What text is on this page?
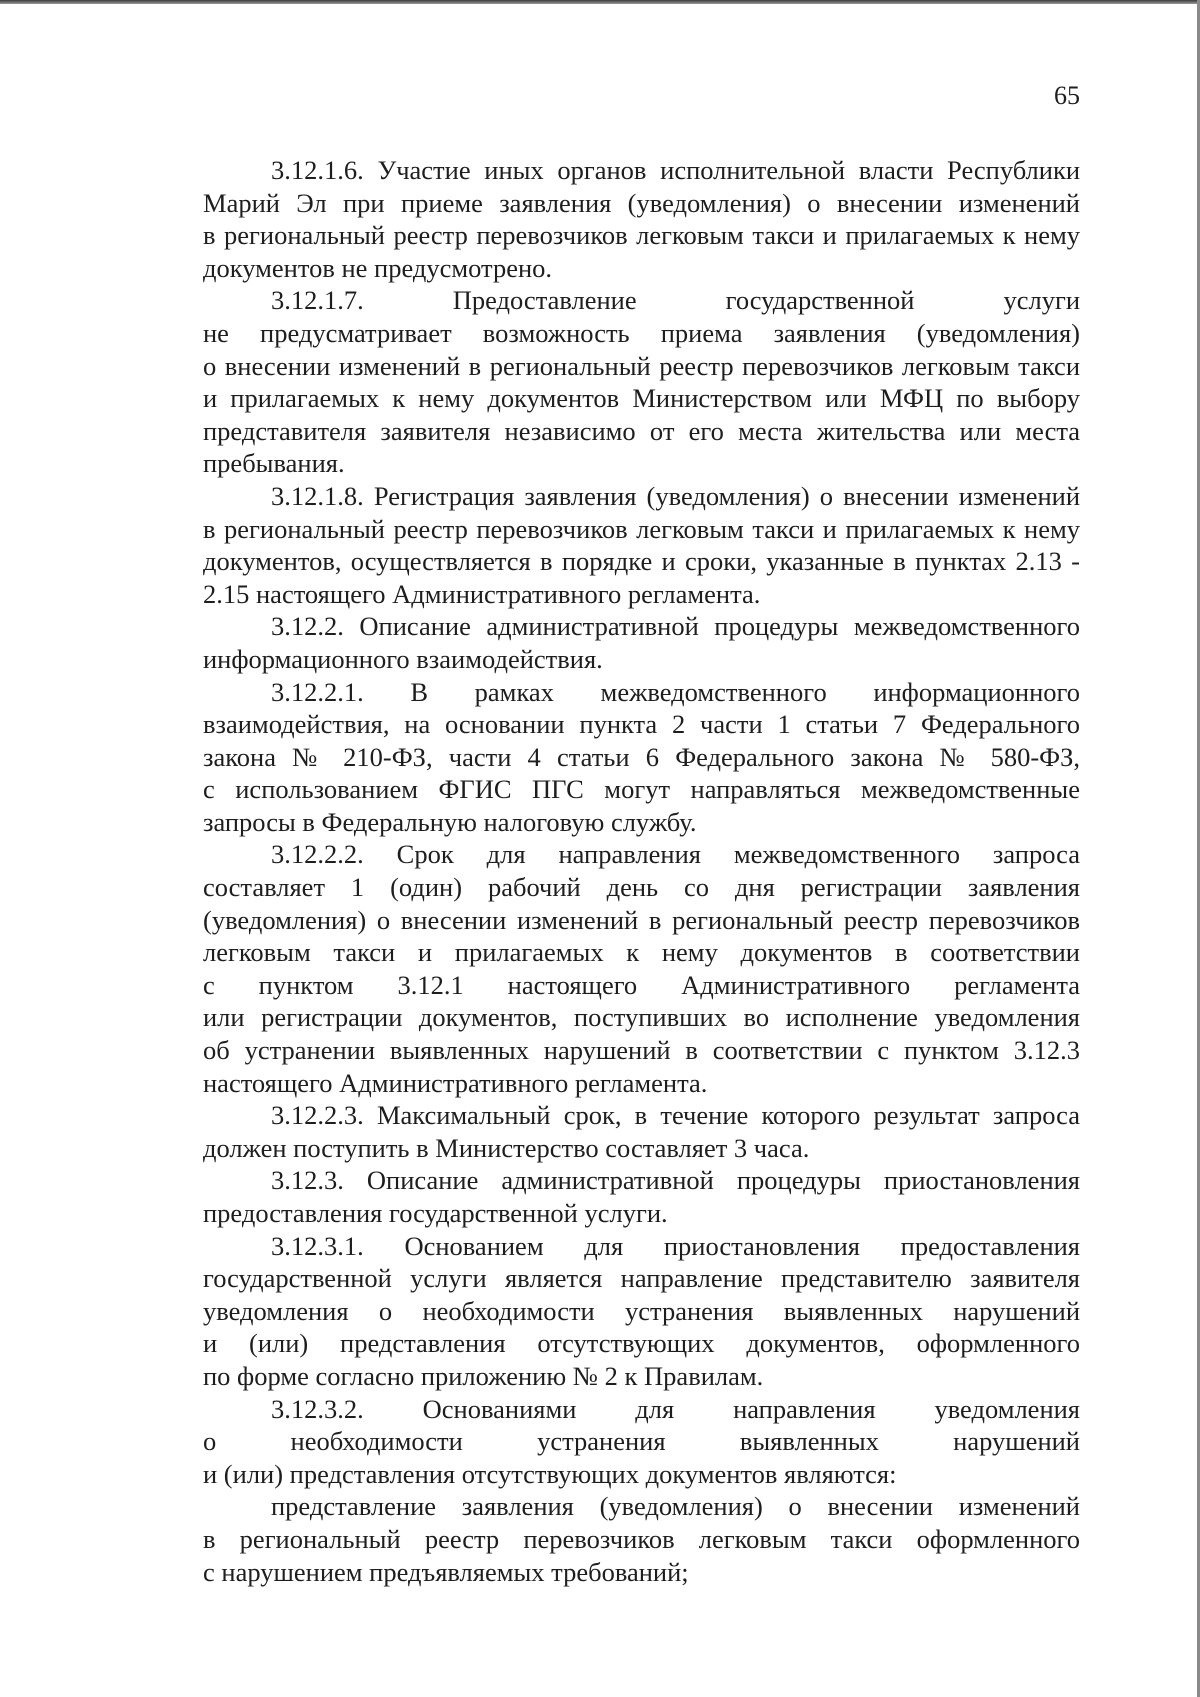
65
3.12.1.6. Участие иных органов исполнительной власти Республики
Марий Эл при приеме заявления (уведомления) о внесении изменений
в региональный реестр перевозчиков легковым такси и прилагаемых к нему
документов не предусмотрено.
3.12.1.7. Предоставление государственной услуги
не предусматривает возможность приема заявления (уведомления)
о внесении изменений в региональный реестр перевозчиков легковым такси
и прилагаемых к нему документов Министерством или МФЦ по выбору
представителя заявителя независимо от его места жительства или места
пребывания.
3.12.1.8. Регистрация заявления (уведомления) о внесении изменений
в региональный реестр перевозчиков легковым такси и прилагаемых к нему
документов, осуществляется в порядке и сроки, указанные в пунктах 2.13 -
2.15 настоящего Административного регламента.
3.12.2. Описание административной процедуры межведомственного
информационного взаимодействия.
3.12.2.1. В рамках межведомственного информационного
взаимодействия, на основании пункта 2 части 1 статьи 7 Федерального
закона № 210-ФЗ, части 4 статьи 6 Федерального закона № 580-ФЗ,
с использованием ФГИС ПГС могут направляться межведомственные
запросы в Федеральную налоговую службу.
3.12.2.2. Срок для направления межведомственного запроса
составляет 1 (один) рабочий день со дня регистрации заявления
(уведомления) о внесении изменений в региональный реестр перевозчиков
легковым такси и прилагаемых к нему документов в соответствии
с пунктом 3.12.1 настоящего Административного регламента
или регистрации документов, поступивших во исполнение уведомления
об устранении выявленных нарушений в соответствии с пунктом 3.12.3
настоящего Административного регламента.
3.12.2.3. Максимальный срок, в течение которого результат запроса
должен поступить в Министерство составляет 3 часа.
3.12.3. Описание административной процедуры приостановления
предоставления государственной услуги.
3.12.3.1. Основанием для приостановления предоставления
государственной услуги является направление представителю заявителя
уведомления о необходимости устранения выявленных нарушений
и (или) представления отсутствующих документов, оформленного
по форме согласно приложению № 2 к Правилам.
3.12.3.2. Основаниями для направления уведомления
о необходимости устранения выявленных нарушений
и (или) представления отсутствующих документов являются:
представление заявления (уведомления) о внесении изменений
в региональный реестр перевозчиков легковым такси оформленного
с нарушением предъявляемых требований;
